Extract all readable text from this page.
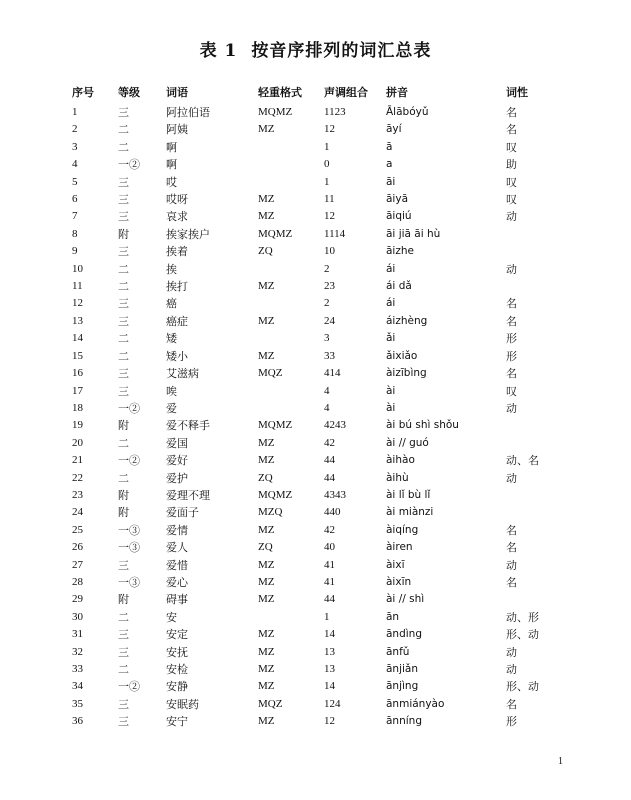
表 1 按音序排列的词汇总表
序号	等级	词语	轻重格式	声调组合	拼音	词性
1	三	阿拉伯语	MQMZ	1123	Ālābóyǔ	名
2	二	阿姨	MZ	12	āyí	名
3	二	啊		1	ā	叹
4	一②	啊		0	a	助
5	三	哎		1	āi	叹
6	三	哎呀	MZ	11	āiyā	叹
7	三	哀求	MZ	12	āiqiú	动
8	附	挨家挨户	MQMZ	1114	āi jiā āi hù	
9	三	挨着	ZQ	10	āizhe	
10	二	挨		2	ái	动
11	二	挨打	MZ	23	ái dǎ	
12	三	癌		2	ái	名
13	三	癌症	MZ	24	áizhèng	名
14	二	矮		3	ǎi	形
15	二	矮小	MZ	33	ǎixiǎo	形
16	三	艾滋病	MQZ	414	àizībìng	名
17	三	唉		4	ài	叹
18	一②	爱		4	ài	动
19	附	爱不释手	MQMZ	4243	ài bú shì shǒu	
20	二	爱国	MZ	42	ài // guó	
21	一②	爱好	MZ	44	àihào	动、名
22	二	爱护	ZQ	44	àihù	动
23	附	爱理不理	MQMZ	4343	ài lǐ bù lǐ	
24	附	爱面子	MZQ	440	ài miànzi	
25	一③	爱情	MZ	42	àiqíng	名
26	一③	爱人	ZQ	40	àiren	名
27	三	爱惜	MZ	41	àixī	动
28	一③	爱心	MZ	41	àixīn	名
29	附	碍事	MZ	44	ài // shì	
30	二	安		1	ān	动、形
31	三	安定	MZ	14	āndìng	形、动
32	三	安抚	MZ	13	ānfǔ	动
33	二	安检	MZ	13	ānjiǎn	动
34	一②	安静	MZ	14	ānjìng	形、动
35	三	安眠药	MQZ	124	ānmiányào	名
36	三	安宁	MZ	12	ānníng	形
1
